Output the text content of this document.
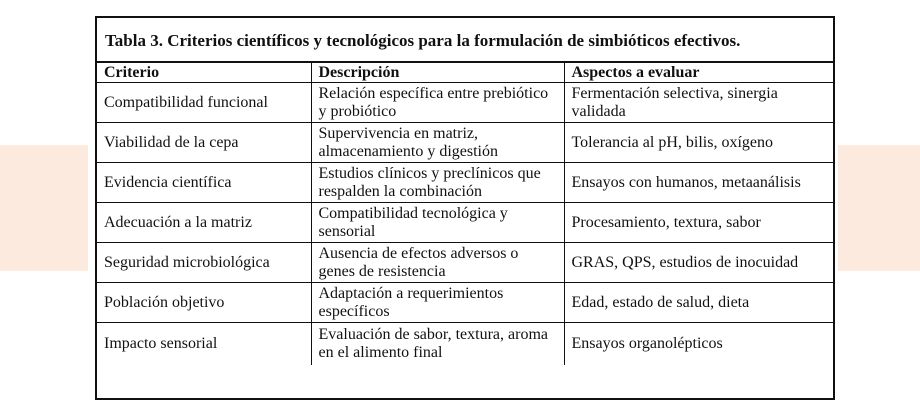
Tabla 3. Criterios científicos y tecnológicos para la formulación de simbióticos efectivos.
Criterio	Descripción	Aspectos a evaluar
Compatibilidad funcional	Relación específica entre prebiótico y probiótico	Fermentación selectiva, sinergia validada
Viabilidad de la cepa	Supervivencia en matriz, almacenamiento y digestión	Tolerancia al pH, bilis, oxígeno
Evidencia científica	Estudios clínicos y preclínicos que respalden la combinación	Ensayos con humanos, metaanálisis
Adecuación a la matriz	Compatibilidad tecnológica y sensorial	Procesamiento, textura, sabor
Seguridad microbiológica	Ausencia de efectos adversos o genes de resistencia	GRAS, QPS, estudios de inocuidad
Población objetivo	Adaptación a requerimientos específicos	Edad, estado de salud, dieta
Impacto sensorial	Evaluación de sabor, textura, aroma en el alimento final	Ensayos organolépticos
